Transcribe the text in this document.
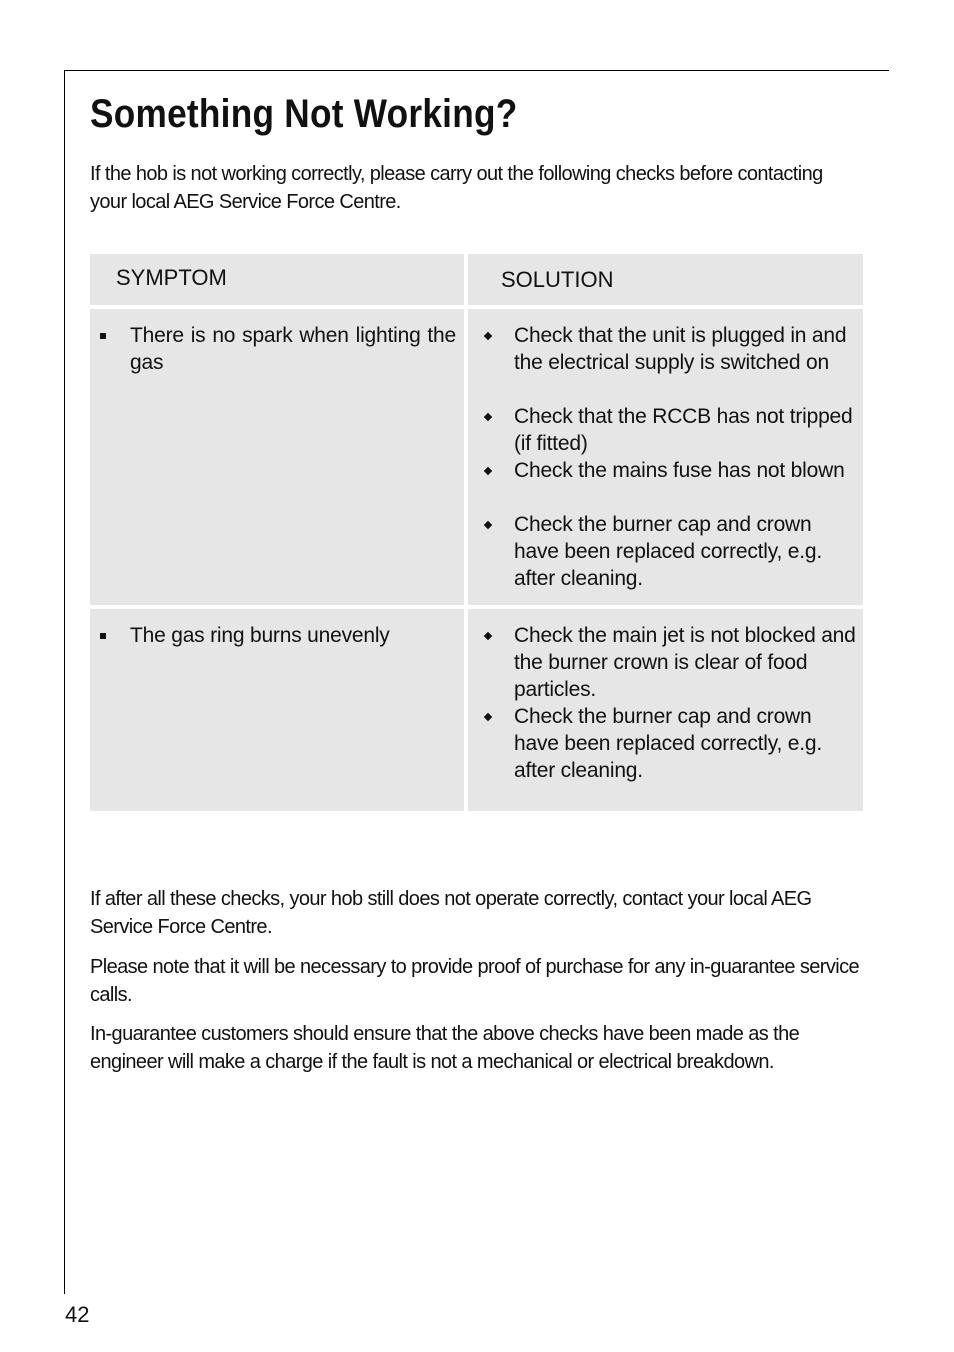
Something Not Working?

If the hob is not working correctly, please carry out the following checks before contacting your local AEG Service Force Centre.

SYMPTOM	SOLUTION
There is no spark when lighting the gas
Check that the unit is plugged in and the electrical supply is switched on
Check that the RCCB has not tripped (if fitted)
Check the mains fuse has not blown
Check the burner cap and crown have been replaced correctly, e.g. after cleaning.
The gas ring burns unevenly	Check the main jet is not blocked and the burner crown is clear of food particles.
Check the burner cap and crown have been replaced correctly, e.g. after cleaning.

If after all these checks, your hob still does not operate correctly, contact your local AEG Service Force Centre.

Please note that it will be necessary to provide proof of purchase for any in-guarantee service calls.

In-guarantee customers should ensure that the above checks have been made as the engineer will make a charge if the fault is not a mechanical or electrical breakdown.

42
